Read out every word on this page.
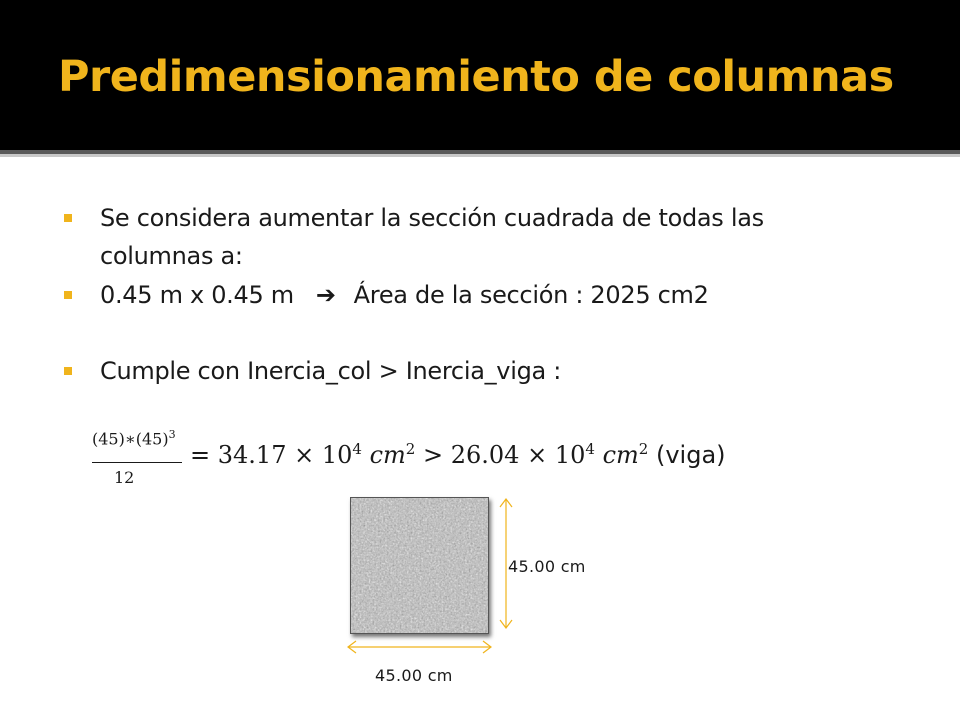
Predimensionamiento de columnas
Se considera aumentar la sección cuadrada de todas las
columnas a:
0.45 m x 0.45 m ➔ Área de la sección : 2025 cm2
Cumple con Inercia_col > Inercia_viga :
$(45)∗(45)^3$
12
= $34.17 \times 10^4$ $cm^2 > 26.04 \times 10^4$ $cm^2$ (viga)
45.00 cm
45.00 cm
